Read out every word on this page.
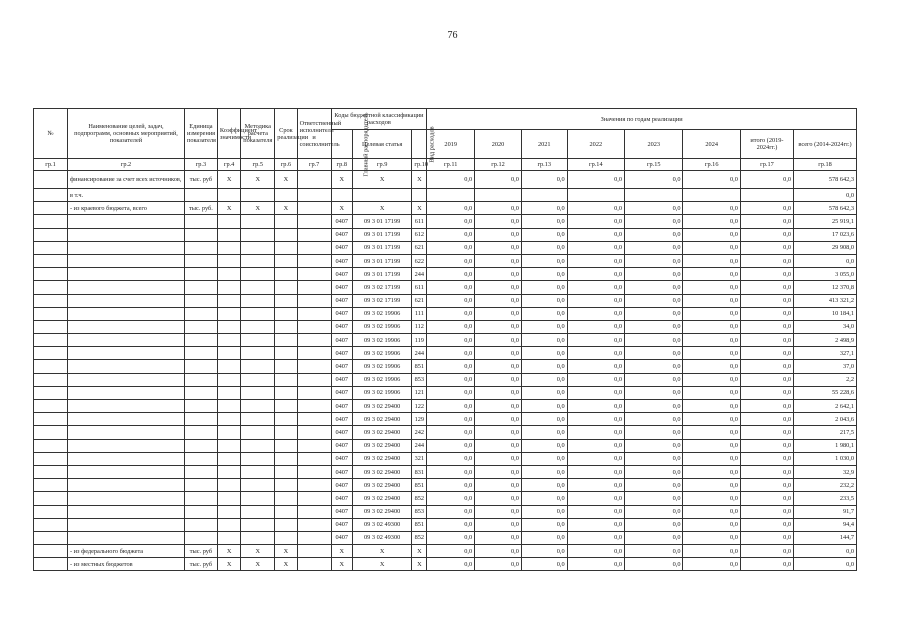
76
№	Наименование целей, задач, подпрограмм, основных мероприятий, показателей	Единица измерения показателя	Коэффициент значимости	Методика расчета показателя	Срок реализации	Ответственный исполнитель и соисполнитель	Коды бюджетной классификации расходов			Значения по годам реализации							
							Главный распорядитель	Целевая статья	Вид расходов	2019	2020	2021	2022	2023	2024	итого (2019-2024гг.)	всего (2014-2024гг.)
гр.1	гр.2	гр.3	гр.4	гр.5	гр.6	гр.7	гр.8	гр.9	гр.10	гр.11	гр.12	гр.13	гр.14	гр.15	гр.16	гр.17	гр.18
	финансирование за счет всех источников,	тыс. руб	X	X	X		X	X	X	0,0	0,0	0,0	0,0	0,0	0,0	0,0	578 642,3
	в т.ч.																0,0
	- из краевого бюджета, всего	тыс. руб.	X	X	X		X	X	X	0,0	0,0	0,0	0,0	0,0	0,0	0,0	578 642,3
							0407	09 3 01 17199	611	0,0	0,0	0,0	0,0	0,0	0,0	0,0	25 919,1
							0407	09 3 01 17199	612	0,0	0,0	0,0	0,0	0,0	0,0	0,0	17 023,6
							0407	09 3 01 17199	621	0,0	0,0	0,0	0,0	0,0	0,0	0,0	29 908,0
							0407	09 3 01 17199	622	0,0	0,0	0,0	0,0	0,0	0,0	0,0	0,0
							0407	09 3 01 17199	244	0,0	0,0	0,0	0,0	0,0	0,0	0,0	3 055,0
							0407	09 3 02 17199	611	0,0	0,0	0,0	0,0	0,0	0,0	0,0	12 370,8
							0407	09 3 02 17199	621	0,0	0,0	0,0	0,0	0,0	0,0	0,0	413 321,2
							0407	09 3 02 19906	111	0,0	0,0	0,0	0,0	0,0	0,0	0,0	10 184,1
							0407	09 3 02 19906	112	0,0	0,0	0,0	0,0	0,0	0,0	0,0	34,0
							0407	09 3 02 19906	119	0,0	0,0	0,0	0,0	0,0	0,0	0,0	2 498,9
							0407	09 3 02 19906	244	0,0	0,0	0,0	0,0	0,0	0,0	0,0	327,1
							0407	09 3 02 19906	851	0,0	0,0	0,0	0,0	0,0	0,0	0,0	37,0
							0407	09 3 02 19906	853	0,0	0,0	0,0	0,0	0,0	0,0	0,0	2,2
							0407	09 3 02 19906	121	0,0	0,0	0,0	0,0	0,0	0,0	0,0	55 228,6
							0407	09 3 02 29400	122	0,0	0,0	0,0	0,0	0,0	0,0	0,0	2 642,1
							0407	09 3 02 29400	129	0,0	0,0	0,0	0,0	0,0	0,0	0,0	2 043,6
							0407	09 3 02 29400	242	0,0	0,0	0,0	0,0	0,0	0,0	0,0	217,5
							0407	09 3 02 29400	244	0,0	0,0	0,0	0,0	0,0	0,0	0,0	1 980,1
							0407	09 3 02 29400	321	0,0	0,0	0,0	0,0	0,0	0,0	0,0	1 030,0
							0407	09 3 02 29400	831	0,0	0,0	0,0	0,0	0,0	0,0	0,0	32,9
							0407	09 3 02 29400	851	0,0	0,0	0,0	0,0	0,0	0,0	0,0	232,2
							0407	09 3 02 29400	852	0,0	0,0	0,0	0,0	0,0	0,0	0,0	233,5
							0407	09 3 02 29400	853	0,0	0,0	0,0	0,0	0,0	0,0	0,0	91,7
							0407	09 3 02 49300	851	0,0	0,0	0,0	0,0	0,0	0,0	0,0	94,4
							0407	09 3 02 49300	852	0,0	0,0	0,0	0,0	0,0	0,0	0,0	144,7
	- из федерального бюджета	тыс. руб	X	X	X		X	X	X	0,0	0,0	0,0	0,0	0,0	0,0	0,0	0,0
	- из местных бюджетов	тыс. руб	X	X	X		X	X	X	0,0	0,0	0,0	0,0	0,0	0,0	0,0	0,0
